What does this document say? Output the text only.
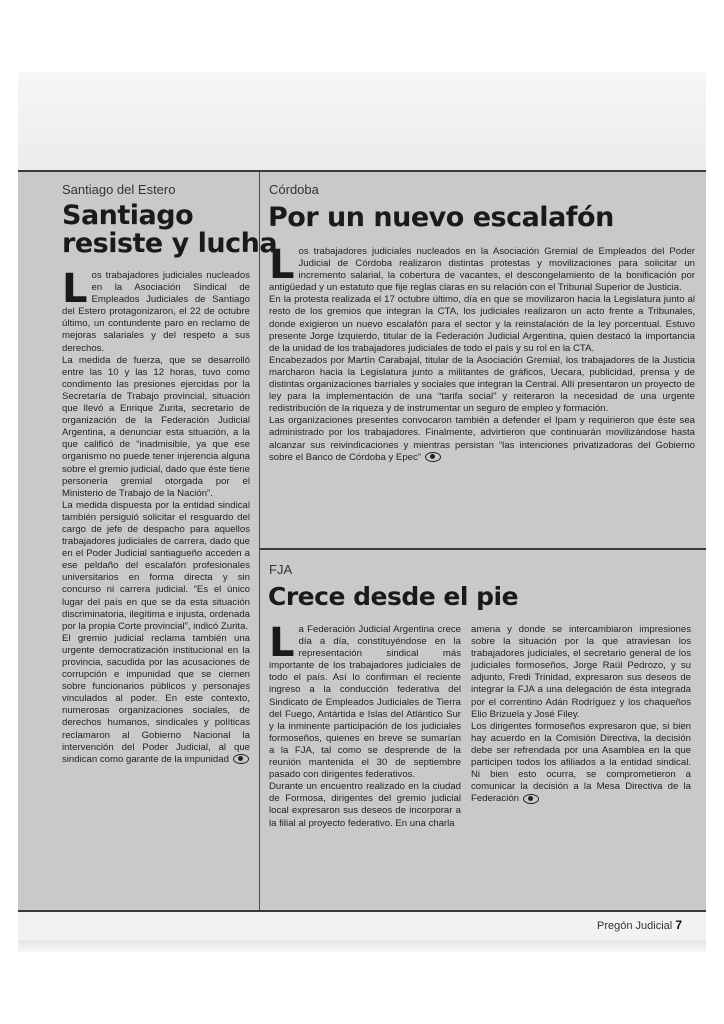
Santiago del Estero
Santiago
resiste y lucha

Los trabajadores judiciales nucleados en la Asociación Sindical de Empleados Judiciales de Santiago del Estero protagonizaron, el 22 de octubre último, un contundente paro en reclamo de mejoras salariales y del respeto a sus derechos.

La medida de fuerza, que se desarrolló entre las 10 y las 12 horas, tuvo como condimento las presiones ejercidas por la Secretaría de Trabajo provincial, situación que llevó a Enrique Zurita, secretario de organización de la Federación Judicial Argentina, a denunciar esta situación, a la que calificó de “inadmisible, ya que ese organismo no puede tener injerencia alguna sobre el gremio judicial, dado que éste tiene personería gremial otorgada por el Ministerio de Trabajo de la Nación”.

La medida dispuesta por la entidad sindical también persiguió solicitar el resguardo del cargo de jefe de despacho para aquellos trabajadores judiciales de carrera, dado que en el Poder Judicial santiagueño acceden a ese peldaño del escalafón profesionales universitarios en forma directa y sin concurso ni carrera judicial. “Es el único lugar del país en que se da esta situación discriminatoria, ilegítima e injusta, ordenada por la propia Corte provincial”, indicó Zurita.

El gremio judicial reclama también una urgente democratización institucional en la provincia, sacudida por las acusaciones de corrupción e impunidad que se ciernen sobre funcionarios públicos y personajes vinculados al poder. En este contexto, numerosas organizaciones sociales, de derechos humanos, sindicales y políticas reclamaron al Gobierno Nacional la intervención del Poder Judicial, al que sindican como garante de la impunidad

Córdoba
Por un nuevo escalafón

Los trabajadores judiciales nucleados en la Asociación Gremial de Empleados del Poder Judicial de Córdoba realizaron distintas protestas y movilizaciones para solicitar un incremento salarial, la cobertura de vacantes, el descongelamiento de la bonificación por antigüedad y un estatuto que fije reglas claras en su relación con el Tribunal Superior de Justicia.

En la protesta realizada el 17 octubre último, día en que se movilizaron hacia la Legislatura junto al resto de los gremios que integran la CTA, los judiciales realizaron un acto frente a Tribunales, donde exigieron un nuevo escalafón para el sector y la reinstalación de la ley porcentual. Estuvo presente Jorge Izquierdo, titular de la Federación Judicial Argentina, quien destacó la importancia de la unidad de los trabajadores judiciales de todo el país y su rol en la CTA.

Encabezados por Martín Carabajal, titular de la Asociación Gremial, los trabajadores de la Justicia marcharon hacia la Legislatura junto a militantes de gráficos, Uecara, publicidad, prensa y de distintas organizaciones barriales y sociales que integran la Central. Allí presentaron un proyecto de ley para la implementación de una “tarifa social” y reiteraron la necesidad de una urgente redistribución de la riqueza y de instrumentar un seguro de empleo y formación.

Las organizaciones presentes convocaron también a defender el Ipam y requirieron que éste sea administrado por los trabajadores. Finalmente, advirtieron que continuarán movilizándose hasta alcanzar sus reivindicaciones y mientras persistan “las intenciones privatizadoras del Gobierno sobre el Banco de Córdoba y Epec”

FJA
Crece desde el pie

La Federación Judicial Argentina crece día a día, constituyéndose en la representación sindical más importante de los trabajadores judiciales de todo el país. Así lo confirman el reciente ingreso a la conducción federativa del Sindicato de Empleados Judiciales de Tierra del Fuego, Antártida e Islas del Atlántico Sur y la inminente participación de los judiciales formoseños, quienes en breve se sumarían a la FJA, tal como se desprende de la reunión mantenida el 30 de septiembre pasado con dirigentes federativos.

Durante un encuentro realizado en la ciudad de Formosa, dirigentes del gremio judicial local expresaron sus deseos de incorporar a la filial al proyecto federativo. En una charla

amena y donde se intercambiaron impresiones sobre la situación por la que atraviesan los trabajadores judiciales, el secretario general de los judiciales formoseños, Jorge Raúl Pedrozo, y su adjunto, Fredi Trinidad, expresaron sus deseos de integrar la FJA a una delegación de ésta integrada por el correntino Adán Rodríguez y los chaqueños Elio Brizuela y José Filey.

Los dirigentes formoseños expresaron que, si bien hay acuerdo en la Comisión Directiva, la decisión debe ser refrendada por una Asamblea en la que participen todos los afiliados a la entidad sindical. Ni bien esto ocurra, se comprometieron a comunicar la decisión a la Mesa Directiva de la Federación

Pregón Judicial 7
